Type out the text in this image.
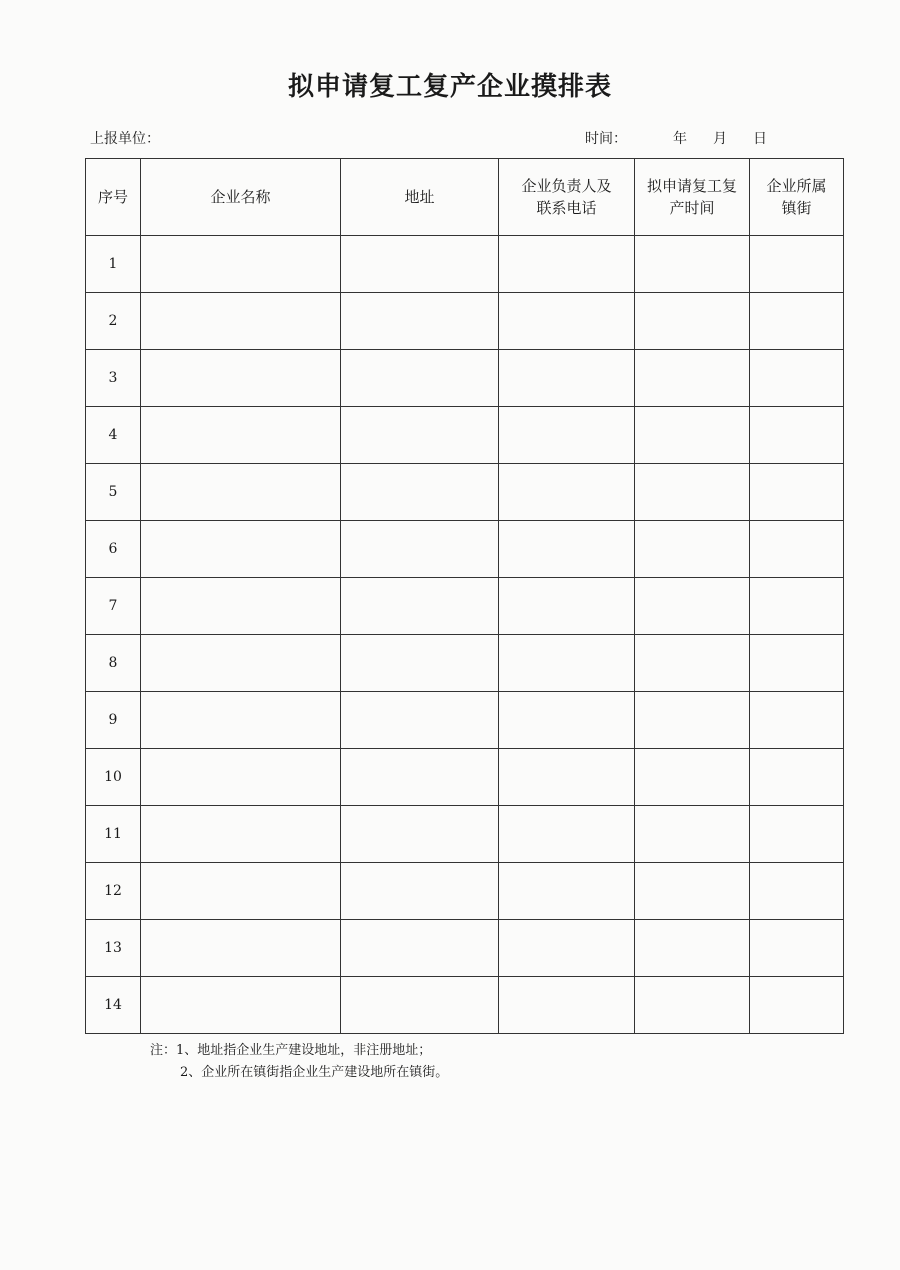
拟申请复工复产企业摸排表
上报单位：	时间：	年	月	日
序号	企业名称	地址	企业负责人及联系电话	拟申请复工复产时间	企业所属镇街

1					
2					
3					
4					
5					
6					
7					
8					
9					
10					
11					
12					
13					
14					
注：1、地址指企业生产建设地址，非注册地址；
2、企业所在镇街指企业生产建设地所在镇街。
